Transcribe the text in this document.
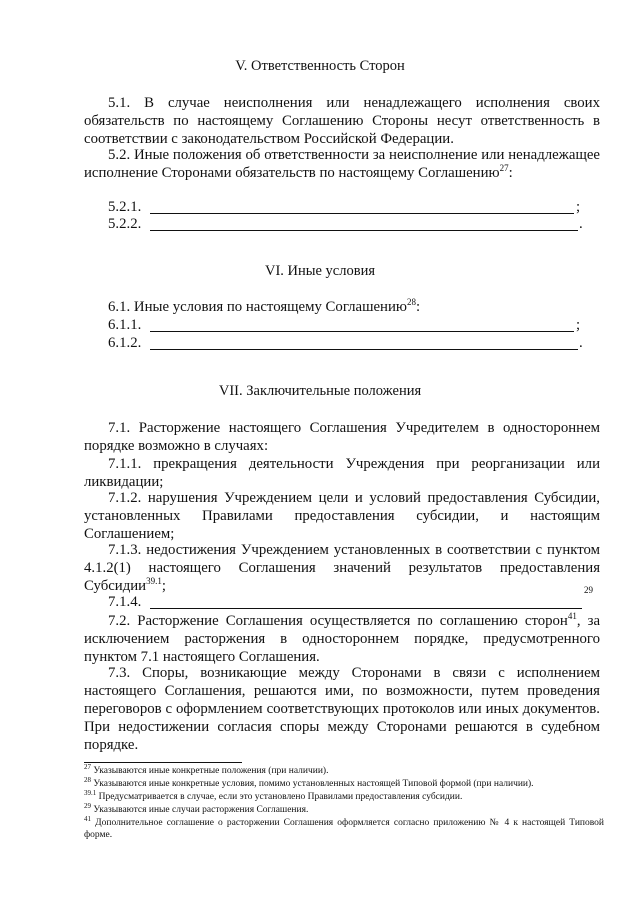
V. Ответственность Сторон
5.1. В случае неисполнения или ненадлежащего исполнения своих обязательств по настоящему Соглашению Стороны несут ответственность в соответствии с законодательством Российской Федерации.
5.2. Иные положения об ответственности за неисполнение или ненадлежащее исполнение Сторонами обязательств по настоящему Соглашению$^{27}$:
5.2.1.	;
5.2.2.	.
VI. Иные условия
6.1. Иные условия по настоящему Соглашению$^{28}$:
6.1.1.	;
6.1.2.	.
VII. Заключительные положения
7.1. Расторжение настоящего Соглашения Учредителем в одностороннем порядке возможно в случаях:
7.1.1. прекращения деятельности Учреждения при реорганизации или ликвидации;
7.1.2. нарушения Учреждением цели и условий предоставления Субсидии, установленных Правилами предоставления субсидии, и настоящим Соглашением;
7.1.3. недостижения Учреждением установленных в соответствии с пунктом 4.1.2(1) настоящего Соглашения значений результатов предоставления Субсидии$^{39.1}$;
7.1.4.
29
7.2. Расторжение Соглашения осуществляется по соглашению сторон$^{41}$, за исключением расторжения в одностороннем порядке, предусмотренного пунктом 7.1 настоящего Соглашения.
7.3. Споры, возникающие между Сторонами в связи с исполнением настоящего Соглашения, решаются ими, по возможности, путем проведения переговоров с оформлением соответствующих протоколов или иных документов. При недостижении согласия споры между Сторонами решаются в судебном порядке.
$^{27}$ Указываются иные конкретные положения (при наличии).
$^{28}$ Указываются иные конкретные условия, помимо установленных настоящей Типовой формой (при наличии).
$^{39.1}$ Предусматривается в случае, если это установлено Правилами предоставления субсидии.
$^{29}$ Указываются иные случаи расторжения Соглашения.
$^{41}$ Дополнительное соглашение о расторжении Соглашения оформляется согласно приложению № 4 к настоящей Типовой форме.
